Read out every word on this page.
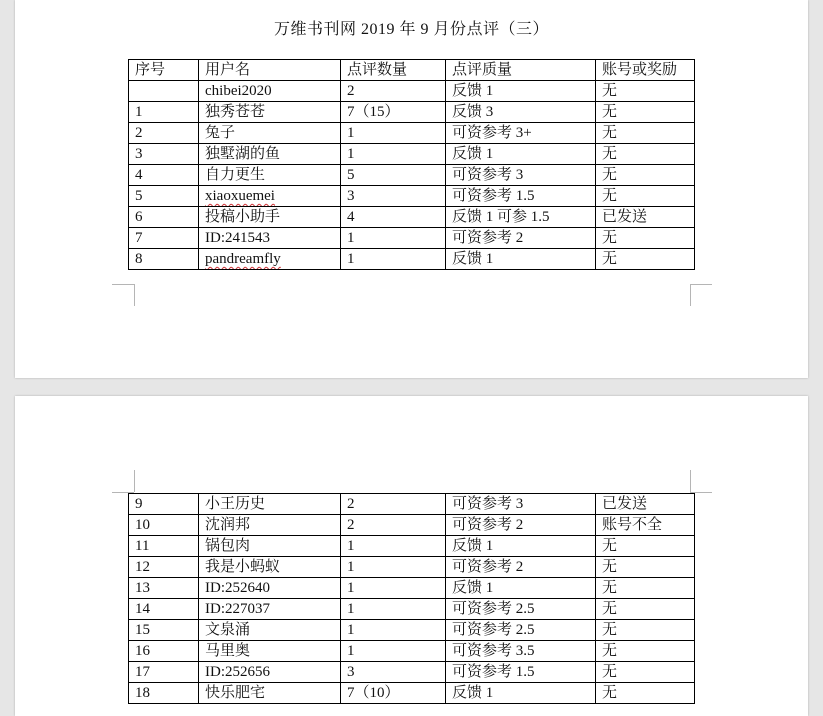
万维书刊网 2019 年 9 月份点评（三）
序号	用户名	点评数量	点评质量	账号或奖励
	chibei2020	2	反馈 1	无
1	独秀苍苍	7（15）	反馈 3	无
2	兔子	1	可资参考 3+	无
3	独墅湖的鱼	1	反馈 1	无
4	自力更生	5	可资参考 3	无
5	xiaoxuemei	3	可资参考 1.5	无
6	投稿小助手	4	反馈 1 可参 1.5	已发送
7	ID:241543	1	可资参考 2	无
8	pandreamfly	1	反馈 1	无
9	小王历史	2	可资参考 3	已发送
10	沈润邦	2	可资参考 2	账号不全
11	锅包肉	1	反馈 1	无
12	我是小蚂蚁	1	可资参考 2	无
13	ID:252640	1	反馈 1	无
14	ID:227037	1	可资参考 2.5	无
15	文泉涌	1	可资参考 2.5	无
16	马里奥	1	可资参考 3.5	无
17	ID:252656	3	可资参考 1.5	无
18	快乐肥宅	7（10）	反馈 1	无
